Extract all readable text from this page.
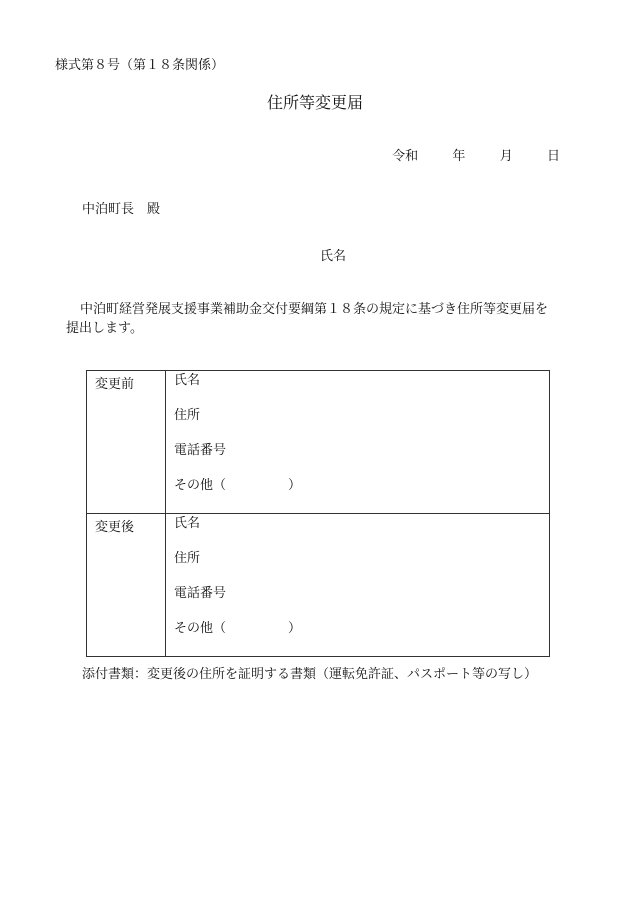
様式第８号（第１８条関係）
住所等変更届
令和	年	月	日
中泊町長　殿
氏名
中泊町経営発展支援事業補助金交付要綱第１８条の規定に基づき住所等変更届を
提出します。
変更前	氏名
住所
電話番号
その他（ ）

変更後	氏名
住所
電話番号
その他（ ）
添付書類：変更後の住所を証明する書類（運転免許証、パスポート等の写し）
